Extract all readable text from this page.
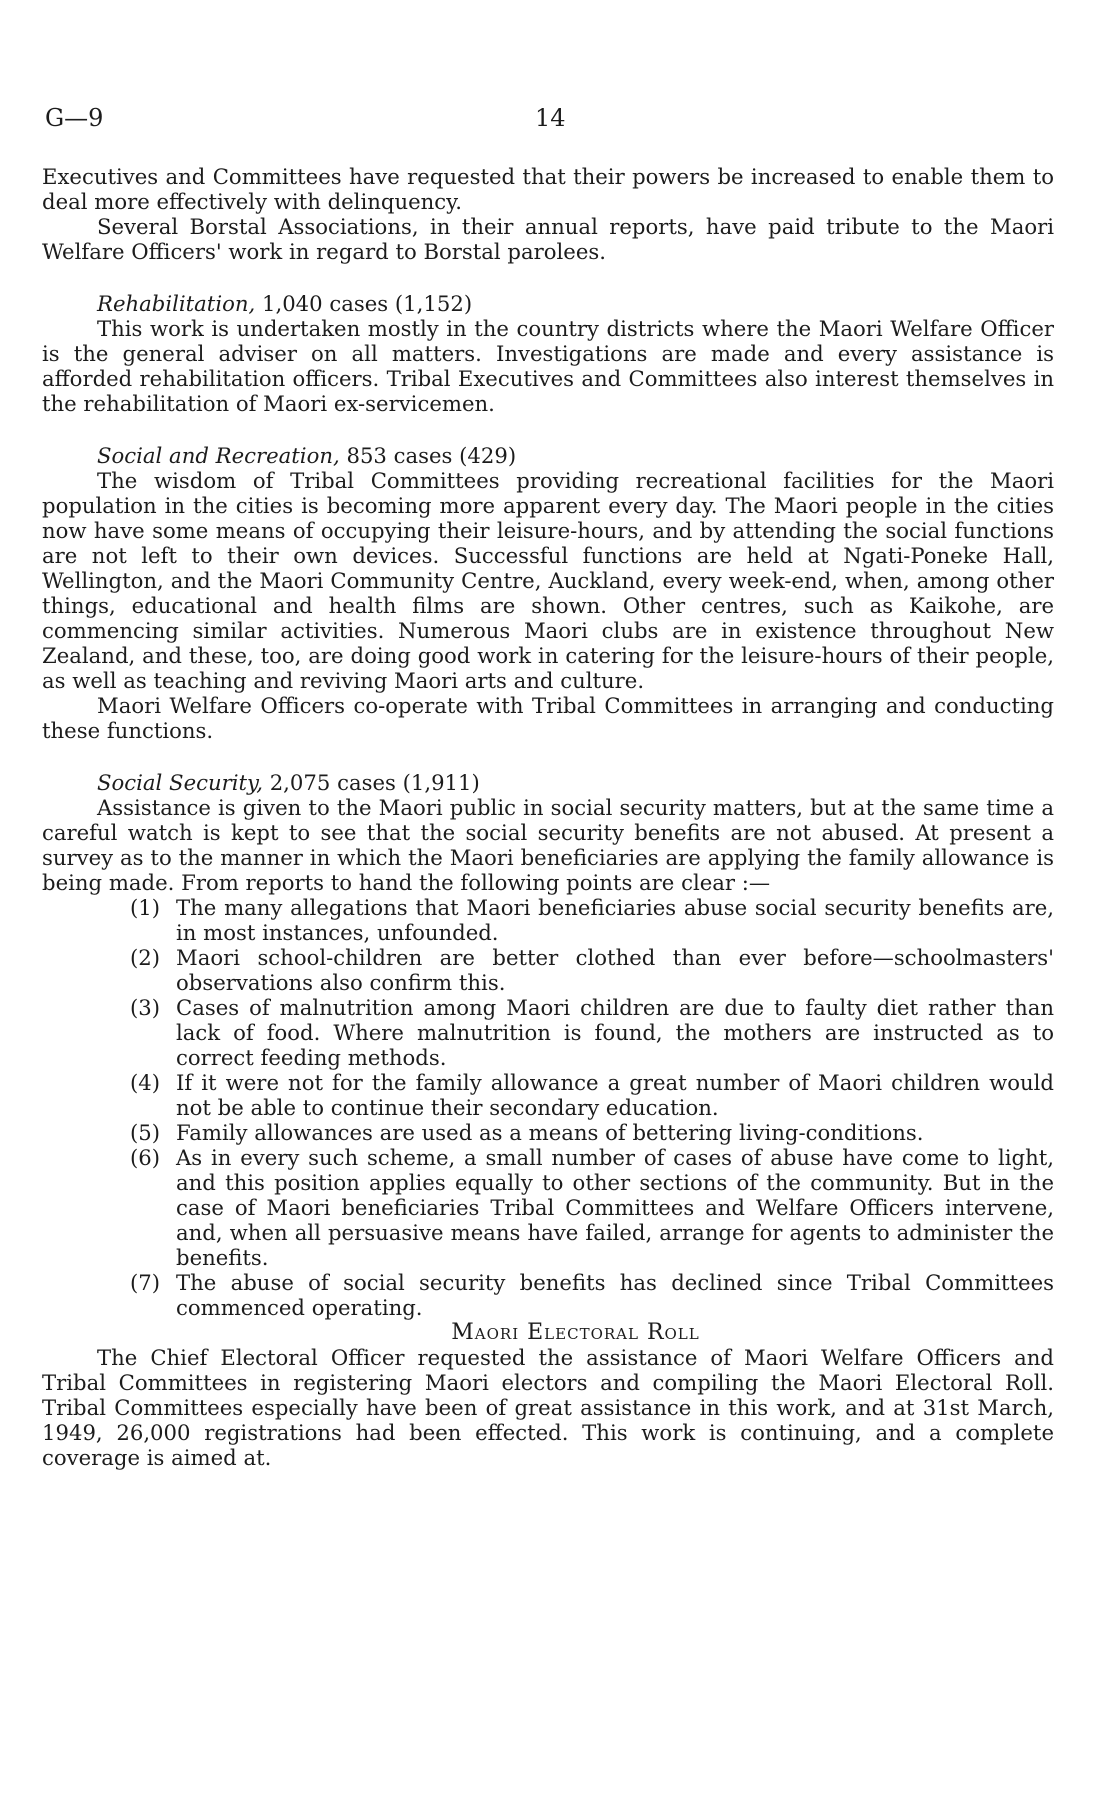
G—9	14

Executives and Committees have requested that their powers be increased to enable them to deal more effectively with delinquency.

Several Borstal Associations, in their annual reports, have paid tribute to the Maori Welfare Officers' work in regard to Borstal parolees.

Rehabilitation, 1,040 cases (1,152)

This work is undertaken mostly in the country districts where the Maori Welfare Officer is the general adviser on all matters. Investigations are made and every assistance is afforded rehabilitation officers. Tribal Executives and Committees also interest themselves in the rehabilitation of Maori ex-servicemen.

Social and Recreation, 853 cases (429)

The wisdom of Tribal Committees providing recreational facilities for the Maori population in the cities is becoming more apparent every day. The Maori people in the cities now have some means of occupying their leisure-hours, and by attending the social functions are not left to their own devices. Successful functions are held at Ngati-Poneke Hall, Wellington, and the Maori Community Centre, Auckland, every week-end, when, among other things, educational and health films are shown. Other centres, such as Kaikohe, are commencing similar activities. Numerous Maori clubs are in existence throughout New Zealand, and these, too, are doing good work in catering for the leisure-hours of their people, as well as teaching and reviving Maori arts and culture.

Maori Welfare Officers co-operate with Tribal Committees in arranging and conducting these functions.

Social Security, 2,075 cases (1,911)

Assistance is given to the Maori public in social security matters, but at the same time a careful watch is kept to see that the social security benefits are not abused. At present a survey as to the manner in which the Maori beneficiaries are applying the family allowance is being made. From reports to hand the following points are clear :—

(1) The many allegations that Maori beneficiaries abuse social security benefits are, in most instances, unfounded.
(2) Maori school-children are better clothed than ever before—schoolmasters' observations also confirm this.
(3) Cases of malnutrition among Maori children are due to faulty diet rather than lack of food. Where malnutrition is found, the mothers are instructed as to correct feeding methods.
(4) If it were not for the family allowance a great number of Maori children would not be able to continue their secondary education.
(5) Family allowances are used as a means of bettering living-conditions.
(6) As in every such scheme, a small number of cases of abuse have come to light, and this position applies equally to other sections of the community. But in the case of Maori beneficiaries Tribal Committees and Welfare Officers intervene, and, when all persuasive means have failed, arrange for agents to administer the benefits.
(7) The abuse of social security benefits has declined since Tribal Committees commenced operating.

Maori Electoral Roll

The Chief Electoral Officer requested the assistance of Maori Welfare Officers and Tribal Committees in registering Maori electors and compiling the Maori Electoral Roll. Tribal Committees especially have been of great assistance in this work, and at 31st March, 1949, 26,000 registrations had been effected. This work is continuing, and a complete coverage is aimed at.
